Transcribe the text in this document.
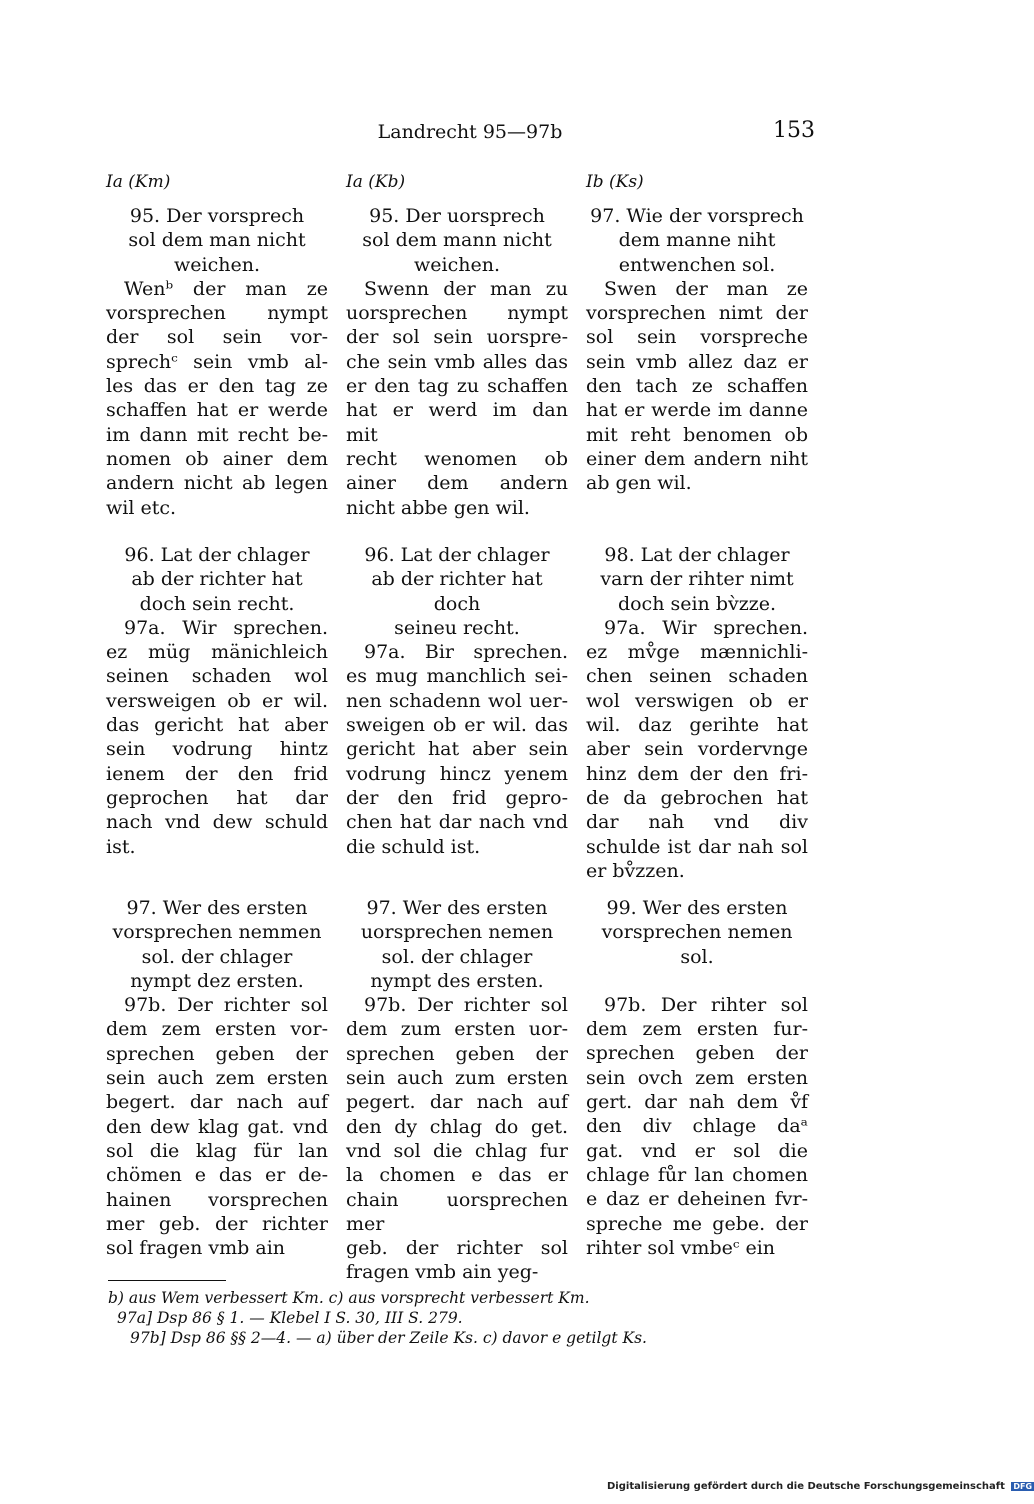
Landrecht 95—97b	153
Ia (Km)
95. Der vorsprech
sol dem man nicht
weichen.
Wenᵇ der man ze
vorsprechen nympt
der sol sein vor-
sprechᶜ sein vmb al-
les das er den tag ze
schaffen hat er werde
im dann mit recht be-
nomen ob ainer dem
andern nicht ab legen
wil etc.
96. Lat der chlager
ab der richter hat
doch sein recht.
97a. Wir sprechen.
ez müg mänichleich
seinen schaden wol
versweigen ob er wil.
das gericht hat aber
sein vodrung hintz
ienem der den frid
geprochen hat dar
nach vnd dew schuld
ist.
97. Wer des ersten
vorsprechen nemmen
sol. der chlager
nympt dez ersten.
97b. Der richter sol
dem zem ersten vor-
sprechen geben der
sein auch zem ersten
begert. dar nach auf
den dew klag gat. vnd
sol die klag für lan
chömen e das er de-
hainen vorsprechen
mer geb. der richter
sol fragen vmb ain
Ia (Kb)
95. Der uorsprech
sol dem mann nicht
weichen.
Swenn der man zu
uorsprechen nympt
der sol sein uorspre-
che sein vmb alles das
er den tag zu schaffen
hat er werd im dan mit
recht wenomen ob
ainer dem andern
nicht abbe gen wil.
96. Lat der chlager
ab der richter hat doch
seineu recht.
97a. Bir sprechen.
es mug manchlich sei-
nen schadenn wol uer-
sweigen ob er wil. das
gericht hat aber sein
vodrung hincz yenem
der den frid gepro-
chen hat dar nach vnd
die schuld ist.
97. Wer des ersten
uorsprechen nemen
sol. der chlager
nympt des ersten.
97b. Der richter sol
dem zum ersten uor-
sprechen geben der
sein auch zum ersten
pegert. dar nach auf
den dy chlag do get.
vnd sol die chlag fur
la chomen e das er
chain uorsprechen mer
geb. der richter sol
fragen vmb ain yeg-
Ib (Ks)
97. Wie der vorsprech
dem manne niht
entwenchen sol.
Swen der man ze
vorsprechen nimt der
sol sein vorspreche
sein vmb allez daz er
den tach ze schaffen
hat er werde im danne
mit reht benomen ob
einer dem andern niht
ab gen wil.
98. Lat der chlager
varn der rihter nimt
doch sein bv̀zze.
97a. Wir sprechen.
ez mv̊ge mænnichli-
chen seinen schaden
wol verswigen ob er
wil. daz gerihte hat
aber sein vordervnge
hinz dem der den fri-
de da gebrochen hat
dar nah vnd div
schulde ist dar nah sol
er bv̊zzen.
99. Wer des ersten
vorsprechen nemen
sol.
97b. Der rihter sol
dem zem ersten fur-
sprechen geben der
sein ovch zem ersten
gert. dar nah dem v̊f
den div chlage daᵃ
gat. vnd er sol die
chlage fůr lan chomen
e daz er deheinen fvr-
spreche me gebe. der
rihter sol vmbeᶜ ein
b) aus Wem verbessert Km. c) aus vorsprecht verbessert Km.
97a] Dsp 86 § 1. — Klebel I S. 30, III S. 279.
97b] Dsp 86 §§ 2—4. — a) über der Zeile Ks. c) davor e getilgt Ks.
Digitalisierung gefördert durch die Deutsche Forschungsgemeinschaft DFG
